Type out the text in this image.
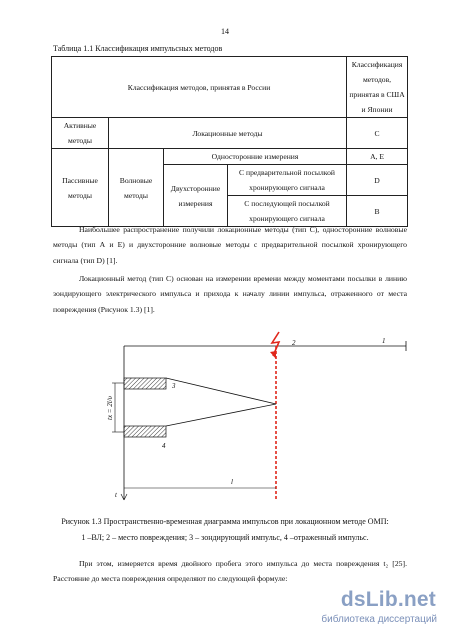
14
Таблица 1.1 Классификация импульсных методов
Классификация методов, принятая в России				Классификация методов, принятая в США и Японии
Активные методы	Локационные методы			C
Пассивные методы	Волновые методы	Односторонние измерения		A, E
		Двухсторонние измерения	С предварительной посылкой хронирующего сигнала	D
			С последующей посылкой хронирующего сигнала	B
Наибольшее распространение получили локационные методы (тип С), односторонние волновые методы (тип А и Е) и двухсторонние волновые методы с предварительной посылкой хронирующего сигнала (тип D) [1].
Локационный метод (тип С) основан на измерении времени между моментами посылки в линию зондирующего электрического импульса и прихода к началу линии импульса, отраженного от места повреждения (Рисунок 1.3) [1].
1
2
3
4
l
t
tx = 2l/υ
Рисунок 1.3 Пространственно-временная диаграмма импульсов при локационном методе ОМП:
1 –ВЛ; 2 – место повреждения; 3 – зондирующий импульс, 4 –отраженный импульс.
При этом, измеряется время двойного пробега этого импульса до места повреждения t₂ [25]. Расстояние до места повреждения определяют по следующей формуле:
dsLib.net
библиотека диссертаций
